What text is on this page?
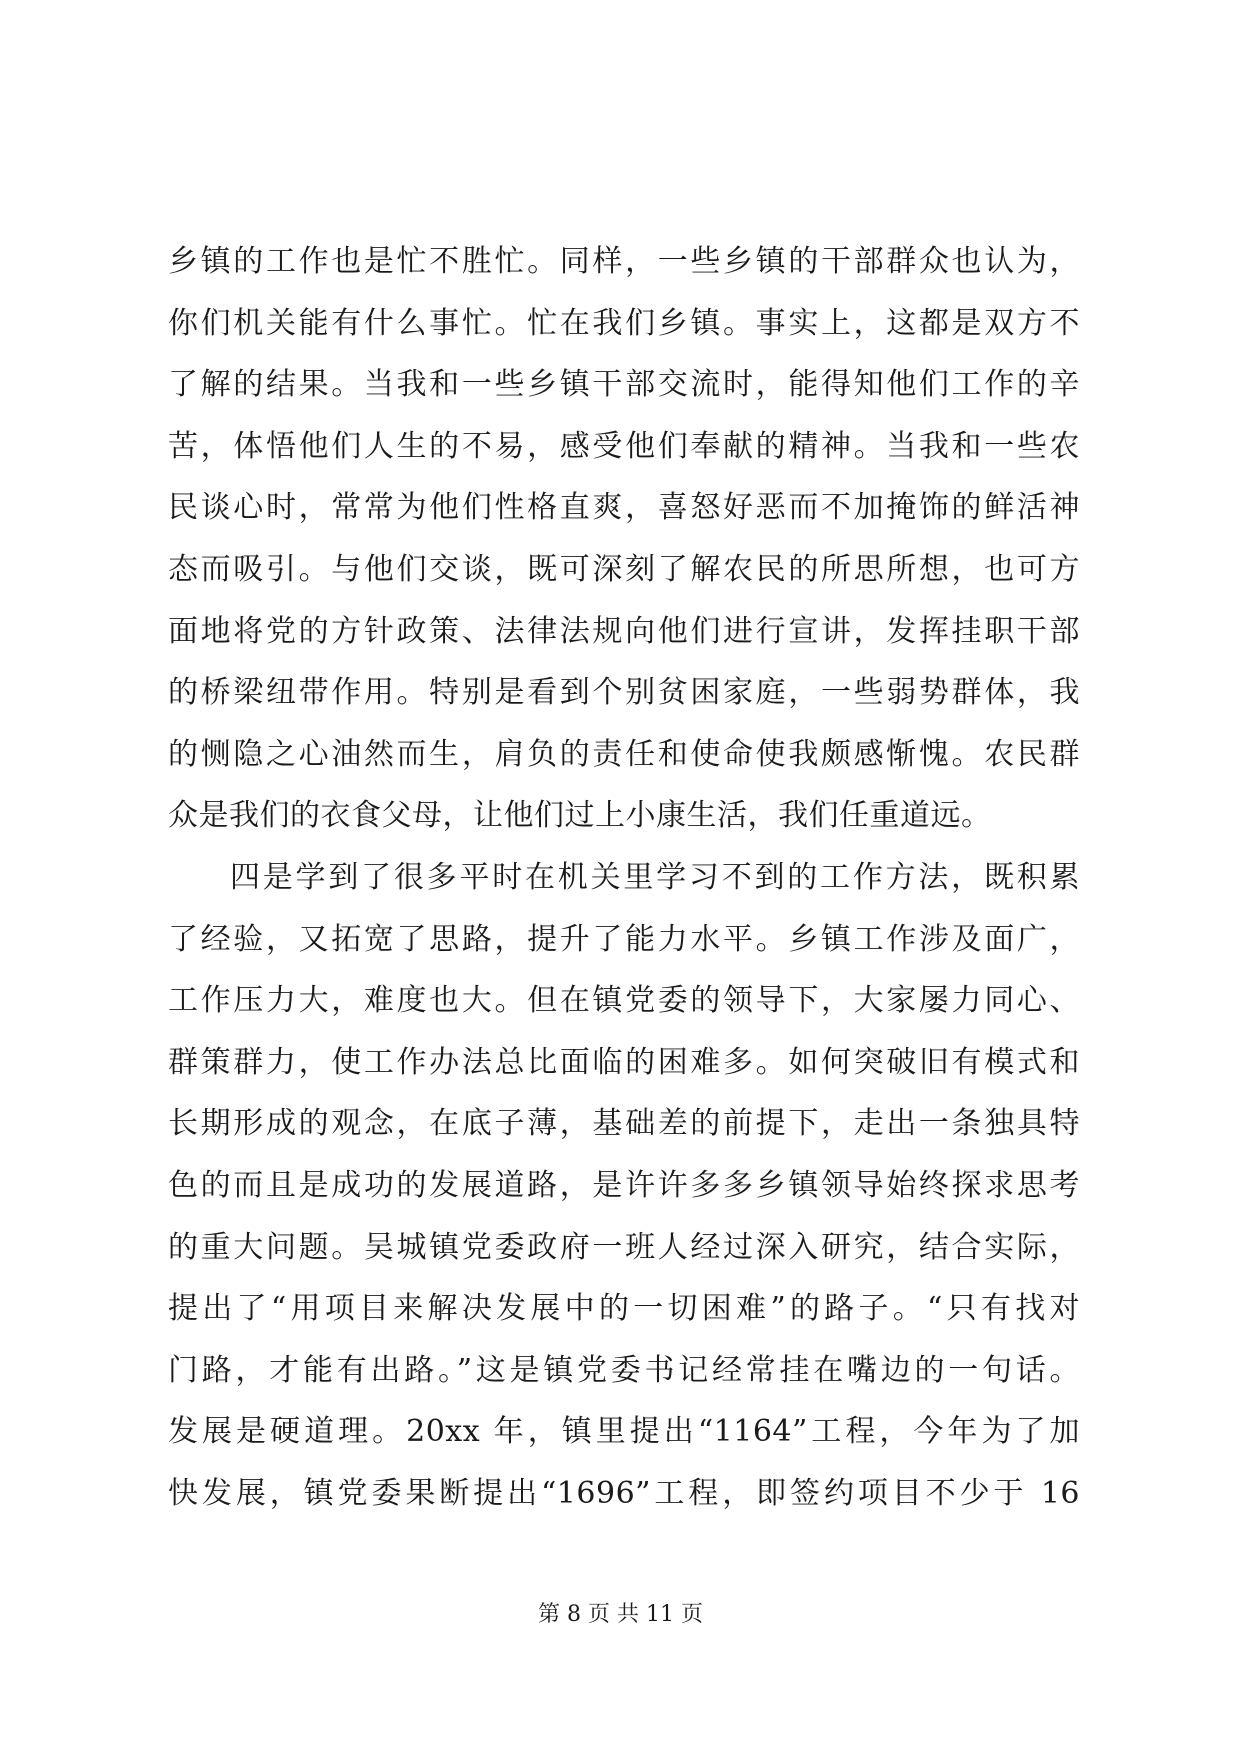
乡镇的工作也是忙不胜忙。同样，一些乡镇的干部群众也认为，
你们机关能有什么事忙。忙在我们乡镇。事实上，这都是双方不
了解的结果。当我和一些乡镇干部交流时，能得知他们工作的辛
苦，体悟他们人生的不易，感受他们奉献的精神。当我和一些农
民谈心时，常常为他们性格直爽，喜怒好恶而不加掩饰的鲜活神
态而吸引。与他们交谈，既可深刻了解农民的所思所想，也可方
面地将党的方针政策、法律法规向他们进行宣讲，发挥挂职干部
的桥梁纽带作用。特别是看到个别贫困家庭，一些弱势群体，我
的恻隐之心油然而生，肩负的责任和使命使我颇感惭愧。农民群
众是我们的衣食父母，让他们过上小康生活，我们任重道远。
四是学到了很多平时在机关里学习不到的工作方法，既积累
了经验，又拓宽了思路，提升了能力水平。乡镇工作涉及面广，
工作压力大，难度也大。但在镇党委的领导下，大家屡力同心、
群策群力，使工作办法总比面临的困难多。如何突破旧有模式和
长期形成的观念，在底子薄，基础差的前提下，走出一条独具特
色的而且是成功的发展道路，是许许多多乡镇领导始终探求思考
的重大问题。吴城镇党委政府一班人经过深入研究，结合实际，
提出了“用项目来解决发展中的一切困难”的路子。“只有找对
门路，才能有出路。”这是镇党委书记经常挂在嘴边的一句话。
发展是硬道理。20xx 年，镇里提出“1164”工程，今年为了加
快发展，镇党委果断提出“1696”工程，即签约项目不少于 16
第 8 页 共 11 页
